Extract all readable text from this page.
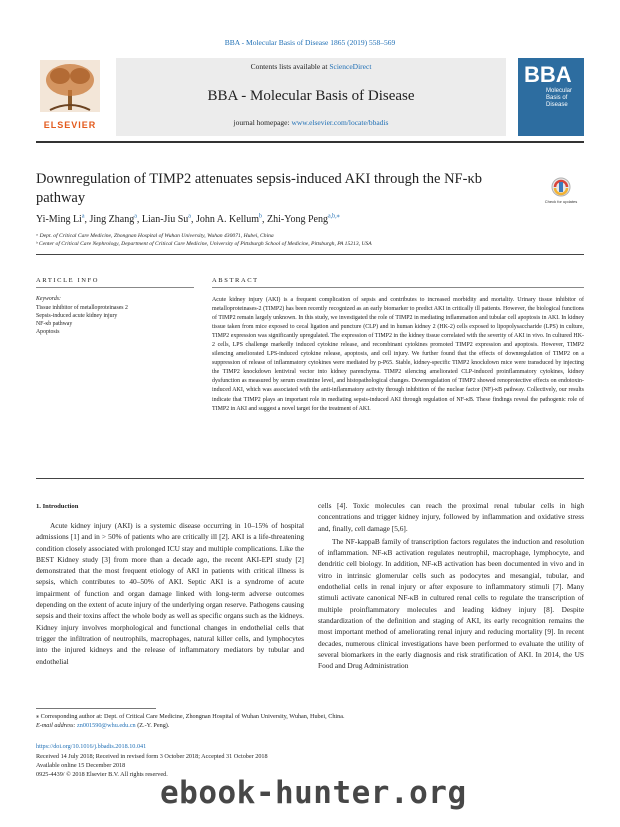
BBA - Molecular Basis of Disease 1865 (2019) 558–569
ELSEVIER
Contents lists available at ScienceDirect
BBA - Molecular Basis of Disease
journal homepage: www.elsevier.com/locate/bbadis
BBA
Molecular Basis of Disease
Downregulation of TIMP2 attenuates sepsis-induced AKI through the NF-κb pathway	Check for updates
Yi-Ming Li$^a$, Jing Zhang$^a$, Lian-Jiu Su$^a$, John A. Kellum$^b$, Zhi-Yong Peng$^{a,b,⁎}$
ᵃ Dept. of Critical Care Medicine, Zhongnan Hospital of Wuhan University, Wuhan 430071, Hubei, China
ᵇ Center of Critical Care Nephrology, Department of Critical Care Medicine, University of Pittsburgh School of Medicine, Pittsburgh, PA 15213, USA
ARTICLE INFO	ABSTRACT
Keywords:
Tissue inhibitor of metalloproteinases 2
Sepsis-induced acute kidney injury
NF-κb pathway
Apoptosis
Acute kidney injury (AKI) is a frequent complication of sepsis and contributes to increased morbidity and mortality. Urinary tissue inhibitor of metalloproteinases-2 (TIMP2) has been recently recognized as an early biomarker to predict AKI in critically ill patients. However, the biological functions of TIMP2 remain largely unknown. In this study, we investigated the role of TIMP2 in mediating inflammation and tubular cell apoptosis in AKI. In kidney tissue taken from mice exposed to cecal ligation and puncture (CLP) and in human kidney 2 (HK-2) cells exposed to lipopolysaccharide (LPS) in culture, TIMP2 expression was significantly upregulated. The expression of TIMP2 in the kidney tissue correlated with the severity of AKI in vivo. In cultured HK-2 cells, LPS challenge markedly induced cytokine release, and recombinant cytokines promoted TIMP2 expression and apoptosis. However, TIMP2 silencing ameliorated LPS-induced cytokine release, apoptosis, and cell injury. We further found that the effects of downregulation of TIMP2 on a suppression of release of inflammatory cytokines were mediated by p-P65. Stable, kidney-specific TIMP2 knockdown mice were transduced by injecting the TIMP2 knockdown lentiviral vector into kidney parenchyma. TIMP2 silencing ameliorated CLP-induced proinflammatory cytokines, kidney dysfunction as measured by serum creatinine level, and histopathological changes. Downregulation of TIMP2 showed renoprotective effects on endotoxin-induced AKI, which was associated with the anti-inflammatory activity through inhibition of the nuclear factor (NF)-κB pathway. Collectively, our results indicate that TIMP2 plays an important role in mediating sepsis-induced AKI through regulation of NF-κB. These findings reveal the pathogenic role of TIMP2 in AKI and suggest a novel target for the treatment of AKI.
1. Introduction

Acute kidney injury (AKI) is a systemic disease occurring in 10–15% of hospital admissions [1] and in > 50% of patients who are critically ill [2]. AKI is a life-threatening condition closely associated with prolonged ICU stay and multiple complications. Like the BEST Kidney study [3] from more than a decade ago, the recent AKI-EPI study [2] demonstrated that the most frequent etiology of AKI in patients with critical illness is sepsis, which contributes to 40–50% of AKI. Septic AKI is a syndrome of acute impairment of function and organ damage linked with long-term adverse outcomes depending on the extent of acute injury of the underlying organ reserve. Pathogens causing sepsis and their toxins affect the whole body as well as specific organs such as the kidneys. Kidney injury involves morphological and functional changes in endothelial cells that trigger the infiltration of neutrophils, macrophages, natural killer cells, and lymphocytes into the injured kidneys and the release of inflammatory mediators by tubular and endothelial

cells [4]. Toxic molecules can reach the proximal renal tubular cells in high concentrations and trigger kidney injury, followed by inflammation and oxidative stress and, finally, cell damage [5,6].

The NF-kappaB family of transcription factors regulates the induction and resolution of inflammation. NF-κB activation regulates neutrophil, macrophage, lymphocyte, and dendritic cell biology. In addition, NF-κB activation has been documented in vivo and in vitro in intrinsic glomerular cells such as podocytes and mesangial, tubular, and endothelial cells in renal injury or after exposure to inflammatory stimuli [7]. Many stimuli activate canonical NF-κB in cultured renal cells to regulate the transcription of multiple proinflammatory molecules and leading kidney injury [8]. Despite standardization of the definition and staging of AKI, its early recognition remains the most important method of ameliorating renal injury and reducing mortality [9]. In recent decades, numerous clinical investigations have been performed to evaluate the utility of several biomarkers in the early diagnosis and risk stratification of AKI. In 2014, the US Food and Drug Administration

⁎ Corresponding author at: Dept. of Critical Care Medicine, Zhongnan Hospital of Wuhan University, Wuhan, Hubei, China.
E-mail address: zn001590@whu.edu.cn (Z.-Y. Peng).
https://doi.org/10.1016/j.bbadis.2018.10.041
Received 14 July 2018; Received in revised form 3 October 2018; Accepted 31 October 2018
Available online 15 December 2018
0925-4439/ © 2018 Elsevier B.V. All rights reserved.
ebook-hunter.org
